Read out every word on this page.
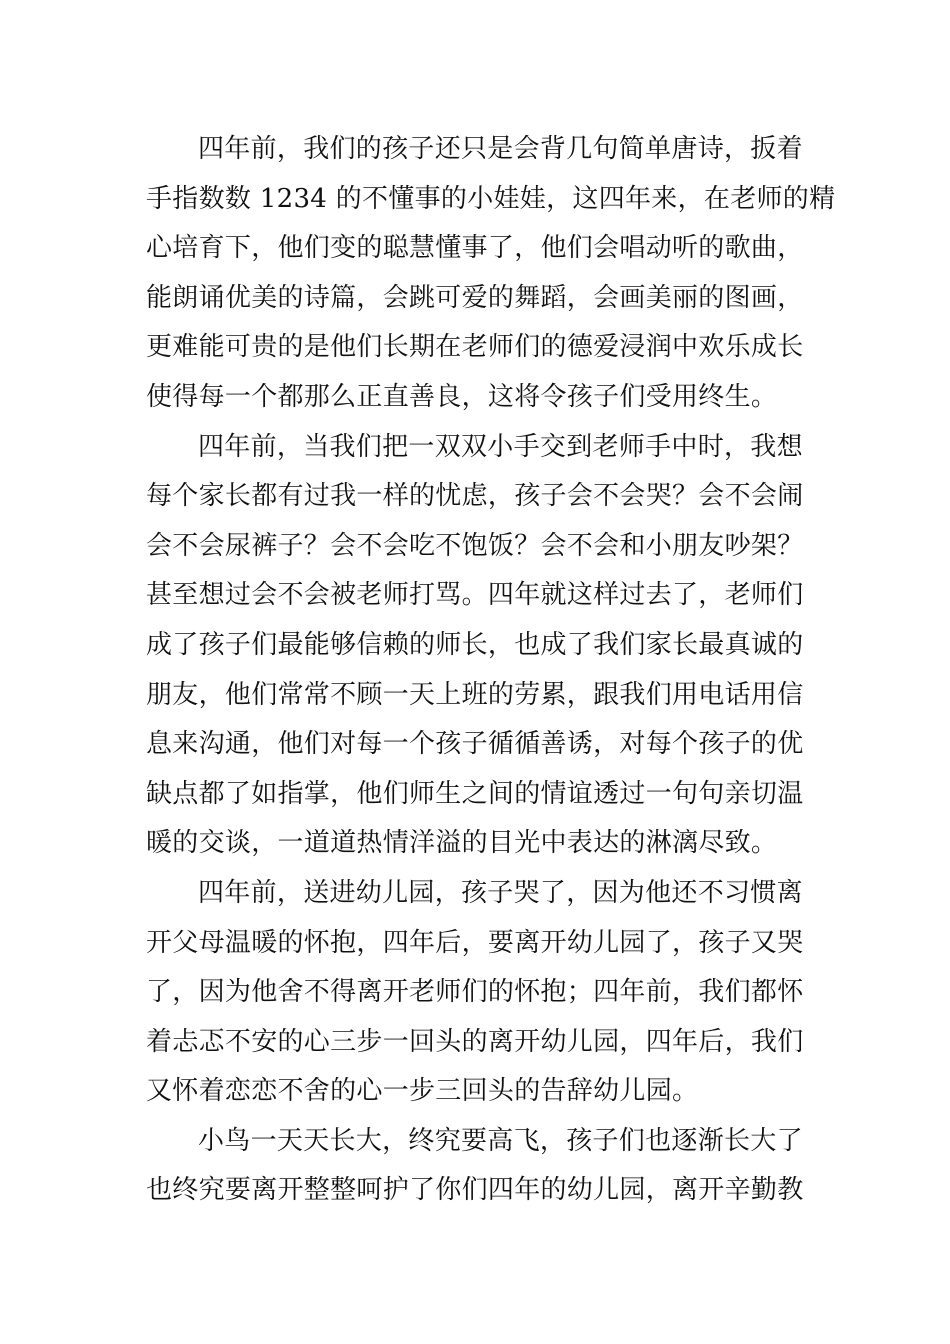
四年前，我们的孩子还只是会背几句简单唐诗，扳着
手指数数 1234 的不懂事的小娃娃，这四年来，在老师的精
心培育下，他们变的聪慧懂事了，他们会唱动听的歌曲，
能朗诵优美的诗篇，会跳可爱的舞蹈，会画美丽的图画，
更难能可贵的是他们长期在老师们的德爱浸润中欢乐成长
使得每一个都那么正直善良，这将令孩子们受用终生。
四年前，当我们把一双双小手交到老师手中时，我想
每个家长都有过我一样的忧虑，孩子会不会哭？会不会闹
会不会尿裤子？会不会吃不饱饭？会不会和小朋友吵架？
甚至想过会不会被老师打骂。四年就这样过去了，老师们
成了孩子们最能够信赖的师长，也成了我们家长最真诚的
朋友，他们常常不顾一天上班的劳累，跟我们用电话用信
息来沟通，他们对每一个孩子循循善诱，对每个孩子的优
缺点都了如指掌，他们师生之间的情谊透过一句句亲切温
暖的交谈，一道道热情洋溢的目光中表达的淋漓尽致。
四年前，送进幼儿园，孩子哭了，因为他还不习惯离
开父母温暖的怀抱，四年后，要离开幼儿园了，孩子又哭
了，因为他舍不得离开老师们的怀抱；四年前，我们都怀
着忐忑不安的心三步一回头的离开幼儿园，四年后，我们
又怀着恋恋不舍的心一步三回头的告辞幼儿园。
小鸟一天天长大，终究要高飞，孩子们也逐渐长大了
也终究要离开整整呵护了你们四年的幼儿园，离开辛勤教
